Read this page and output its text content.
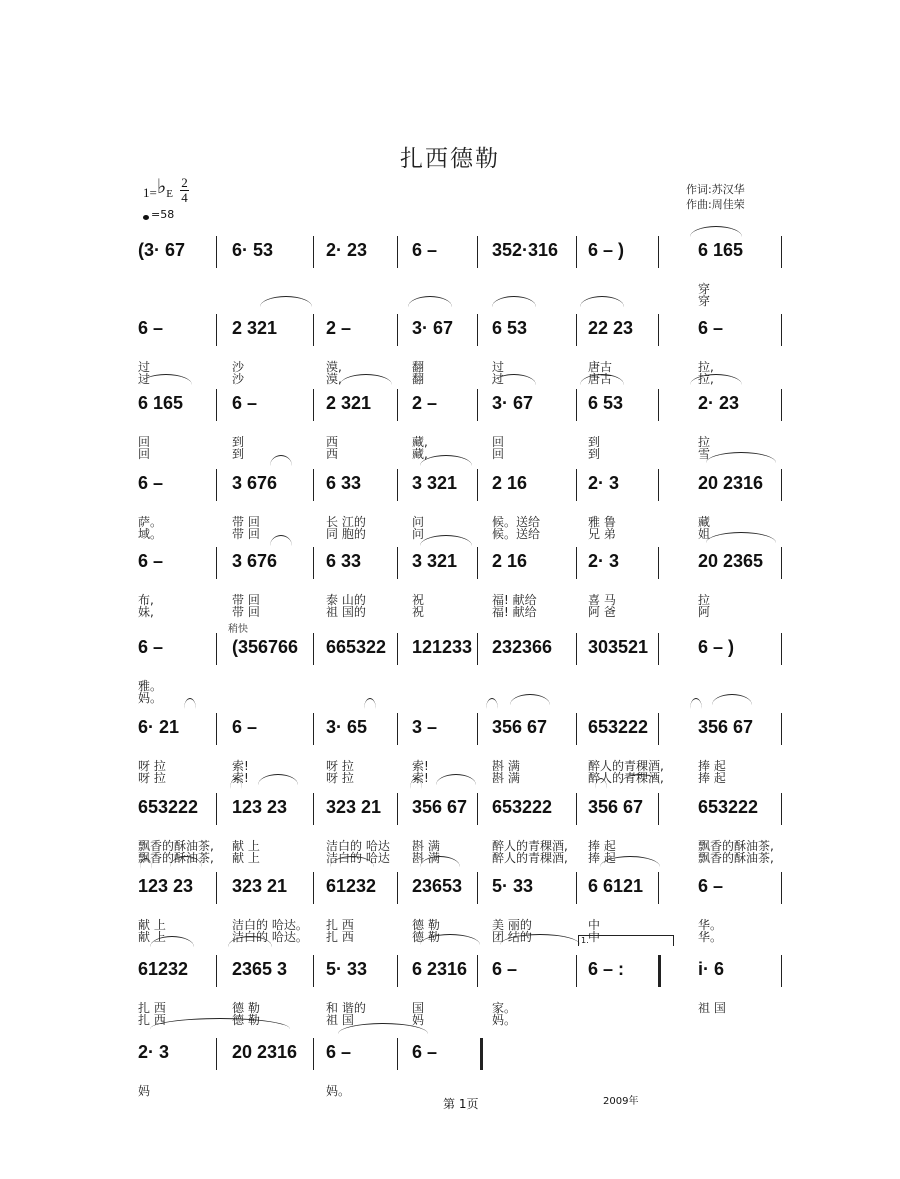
扎西德勒
1=♭E
2
4
=58
作词:苏汉华
作曲:周佳荣
(3· 67	6· 53	2· 23 6 –	352·316 6 – )	6 165
穿
穿
6 –	2 321	2 –	3· 67 6 53	22 23	6 –
过	沙	漠,	翻	过	唐古	拉,
过	沙	漠,	翻	过	唐古	拉,
6 165	6 –	2 321 2 –	3· 67	6 53	2· 23
回	到	西	藏,	回	到	拉
回	到	西	藏,	回	到	雪
6 –	3 676	6 33	3 321 2 16	2· 3	20 2316
萨。	带 回	长 江的	问	候。送给	雅 鲁	藏
域。	带 回	同 胞的	问	候。送给	兄 弟	姐
6 –	3 676	6 33	3 321 2 16	2· 3	20 2365
布,	带 回	泰 山的	祝	福! 献给	喜 马	拉
妹,	带 回	祖 国的	祝	福! 献给	阿 爸	阿
6 –	(356766 665322 121233 232366 303521	6 – )
雅。
妈。
6· 21	6 –	3· 65 3 –	356 67 653222	356 67
呀 拉	索!	呀 拉	索!	斟 满	醉人的青稞酒,	捧 起
呀 拉	索!	呀 拉	索!	斟 满	醉人的青稞酒,	捧 起
653222 123 23 323 21 356 67 653222 356 67	653222
飘香的酥油茶, 献 上	洁白的 哈达 斟 满	醉人的青稞酒, 捧 起	飘香的酥油茶,
飘香的酥油茶, 献 上	洁白的 哈达 斟 满	醉人的青稞酒, 捧 起	飘香的酥油茶,
123 23 323 21 61232 23653 5· 33	6 6121	6 –
献 上	洁白的 哈达。 扎 西	德 勒	美 丽的	中	华。
献 上	洁白的 哈达。 扎 西	德 勒	团 结的	中	华。
61232 2365 3 5· 33 6 2316 6 –	6 – :	i· 6
扎 西	德 勒	和 谐的	国	家。	祖 国
扎 西	德 勒	祖 国	妈	妈。
2· 3	20 2316 6 –	6 –
妈	妈。
稍快
1.
第 1页	2009年
